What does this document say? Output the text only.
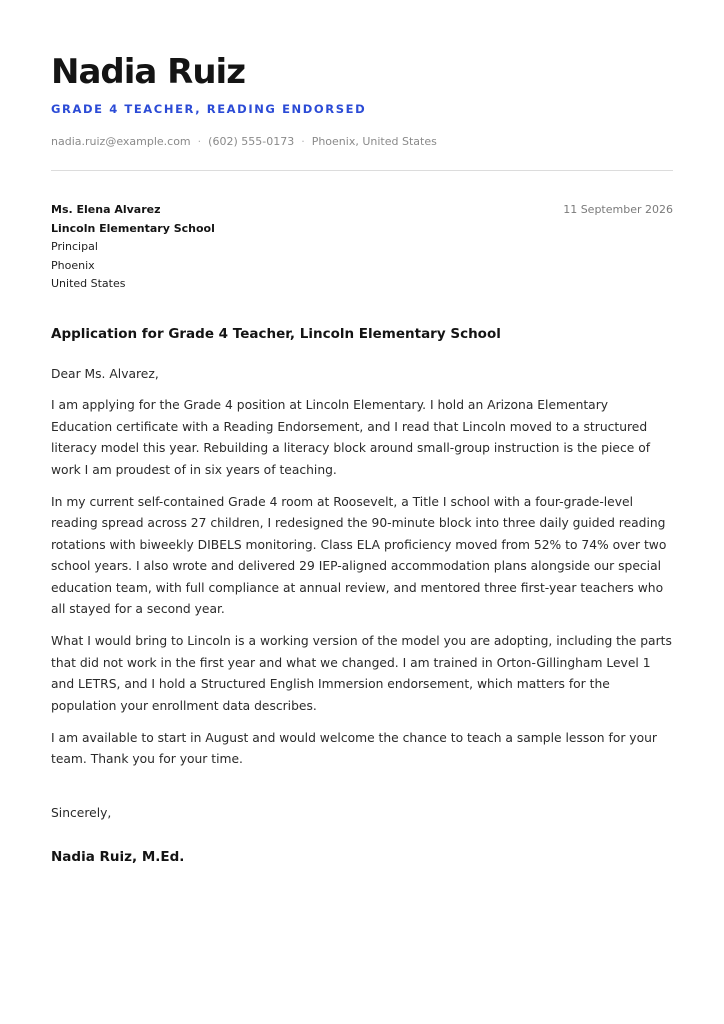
Nadia Ruiz
GRADE 4 TEACHER, READING ENDORSED
nadia.ruiz@example.com · (602) 555-0173 · Phoenix, United States
Ms. Elena Alvarez
Lincoln Elementary School
Principal
Phoenix
United States
11 September 2026
Application for Grade 4 Teacher, Lincoln Elementary School
Dear Ms. Alvarez,

I am applying for the Grade 4 position at Lincoln Elementary. I hold an Arizona Elementary Education certificate with a Reading Endorsement, and I read that Lincoln moved to a structured literacy model this year. Rebuilding a literacy block around small-group instruction is the piece of work I am proudest of in six years of teaching.

In my current self-contained Grade 4 room at Roosevelt, a Title I school with a four-grade-level reading spread across 27 children, I redesigned the 90-minute block into three daily guided reading rotations with biweekly DIBELS monitoring. Class ELA proficiency moved from 52% to 74% over two school years. I also wrote and delivered 29 IEP-aligned accommodation plans alongside our special education team, with full compliance at annual review, and mentored three first-year teachers who all stayed for a second year.

What I would bring to Lincoln is a working version of the model you are adopting, including the parts that did not work in the first year and what we changed. I am trained in Orton-Gillingham Level 1 and LETRS, and I hold a Structured English Immersion endorsement, which matters for the population your enrollment data describes.

I am available to start in August and would welcome the chance to teach a sample lesson for your team. Thank you for your time.

Sincerely,
Nadia Ruiz, M.Ed.
